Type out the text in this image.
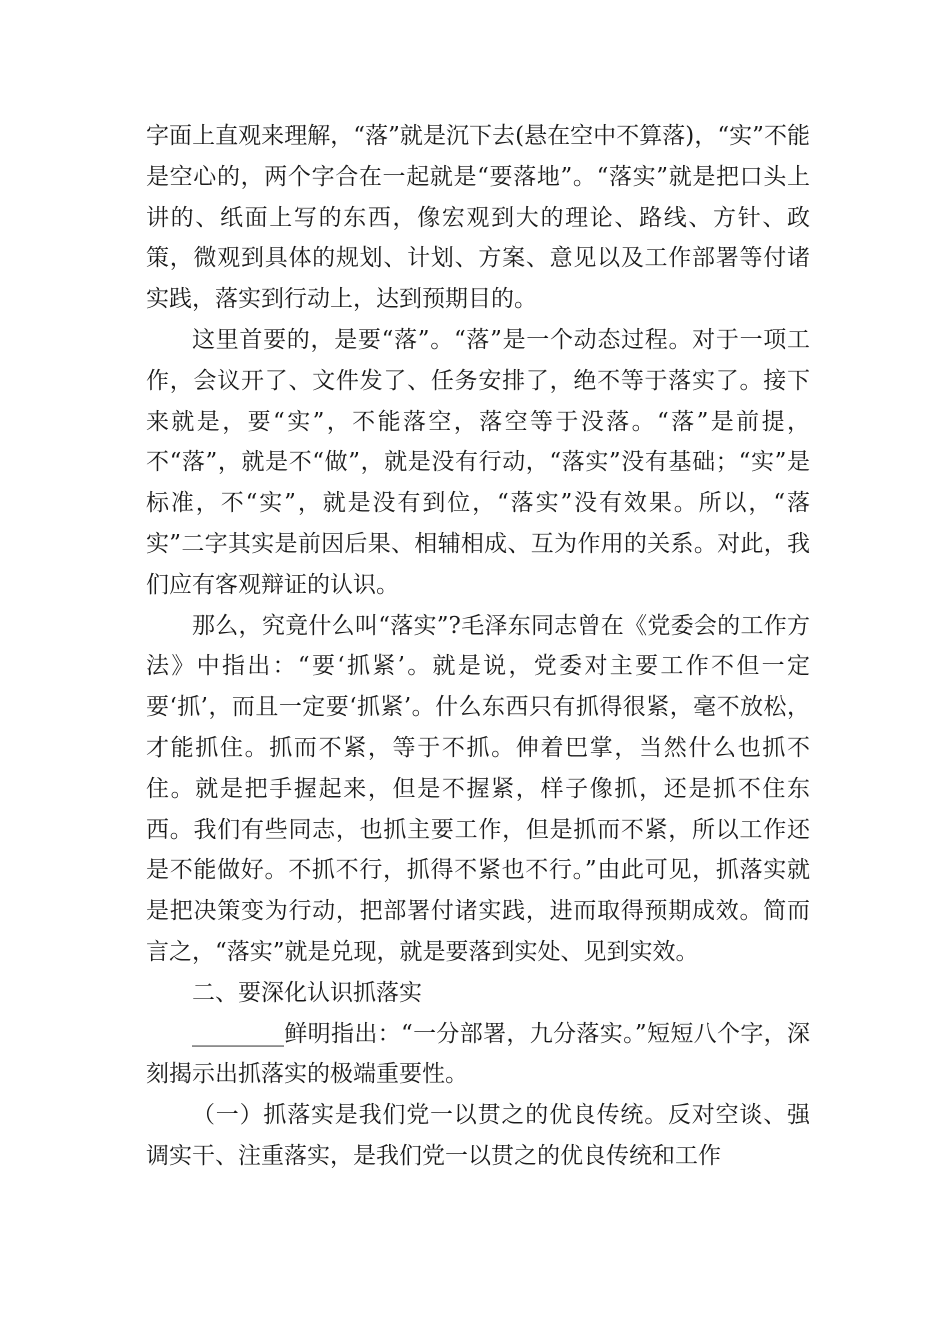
字面上直观来理解，“落”就是沉下去(悬在空中不算落)，“实”不能是空心的，两个字合在一起就是“要落地”。“落实”就是把口头上讲的、纸面上写的东西，像宏观到大的理论、路线、方针、政策，微观到具体的规划、计划、方案、意见以及工作部署等付诸实践，落实到行动上，达到预期目的。

这里首要的，是要“落”。“落”是一个动态过程。对于一项工作，会议开了、文件发了、任务安排了，绝不等于落实了。接下来就是，要“实”，不能落空，落空等于没落。“落”是前提，不“落”，就是不“做”，就是没有行动，“落实”没有基础；“实”是标准，不“实”，就是没有到位，“落实”没有效果。所以，“落实”二字其实是前因后果、相辅相成、互为作用的关系。对此，我们应有客观辩证的认识。

那么，究竟什么叫“落实”?毛泽东同志曾在《党委会的工作方法》中指出：“要‘抓紧’。就是说，党委对主要工作不但一定要‘抓’，而且一定要‘抓紧’。什么东西只有抓得很紧，毫不放松，才能抓住。抓而不紧，等于不抓。伸着巴掌，当然什么也抓不住。就是把手握起来，但是不握紧，样子像抓，还是抓不住东西。我们有些同志，也抓主要工作，但是抓而不紧，所以工作还是不能做好。不抓不行，抓得不紧也不行。”由此可见，抓落实就是把决策变为行动，把部署付诸实践，进而取得预期成效。简而言之，“落实”就是兑现，就是要落到实处、见到实效。

二、要深化认识抓落实

________鲜明指出：“一分部署，九分落实。”短短八个字，深刻揭示出抓落实的极端重要性。

（一）抓落实是我们党一以贯之的优良传统。反对空谈、强调实干、注重落实，是我们党一以贯之的优良传统和工作
